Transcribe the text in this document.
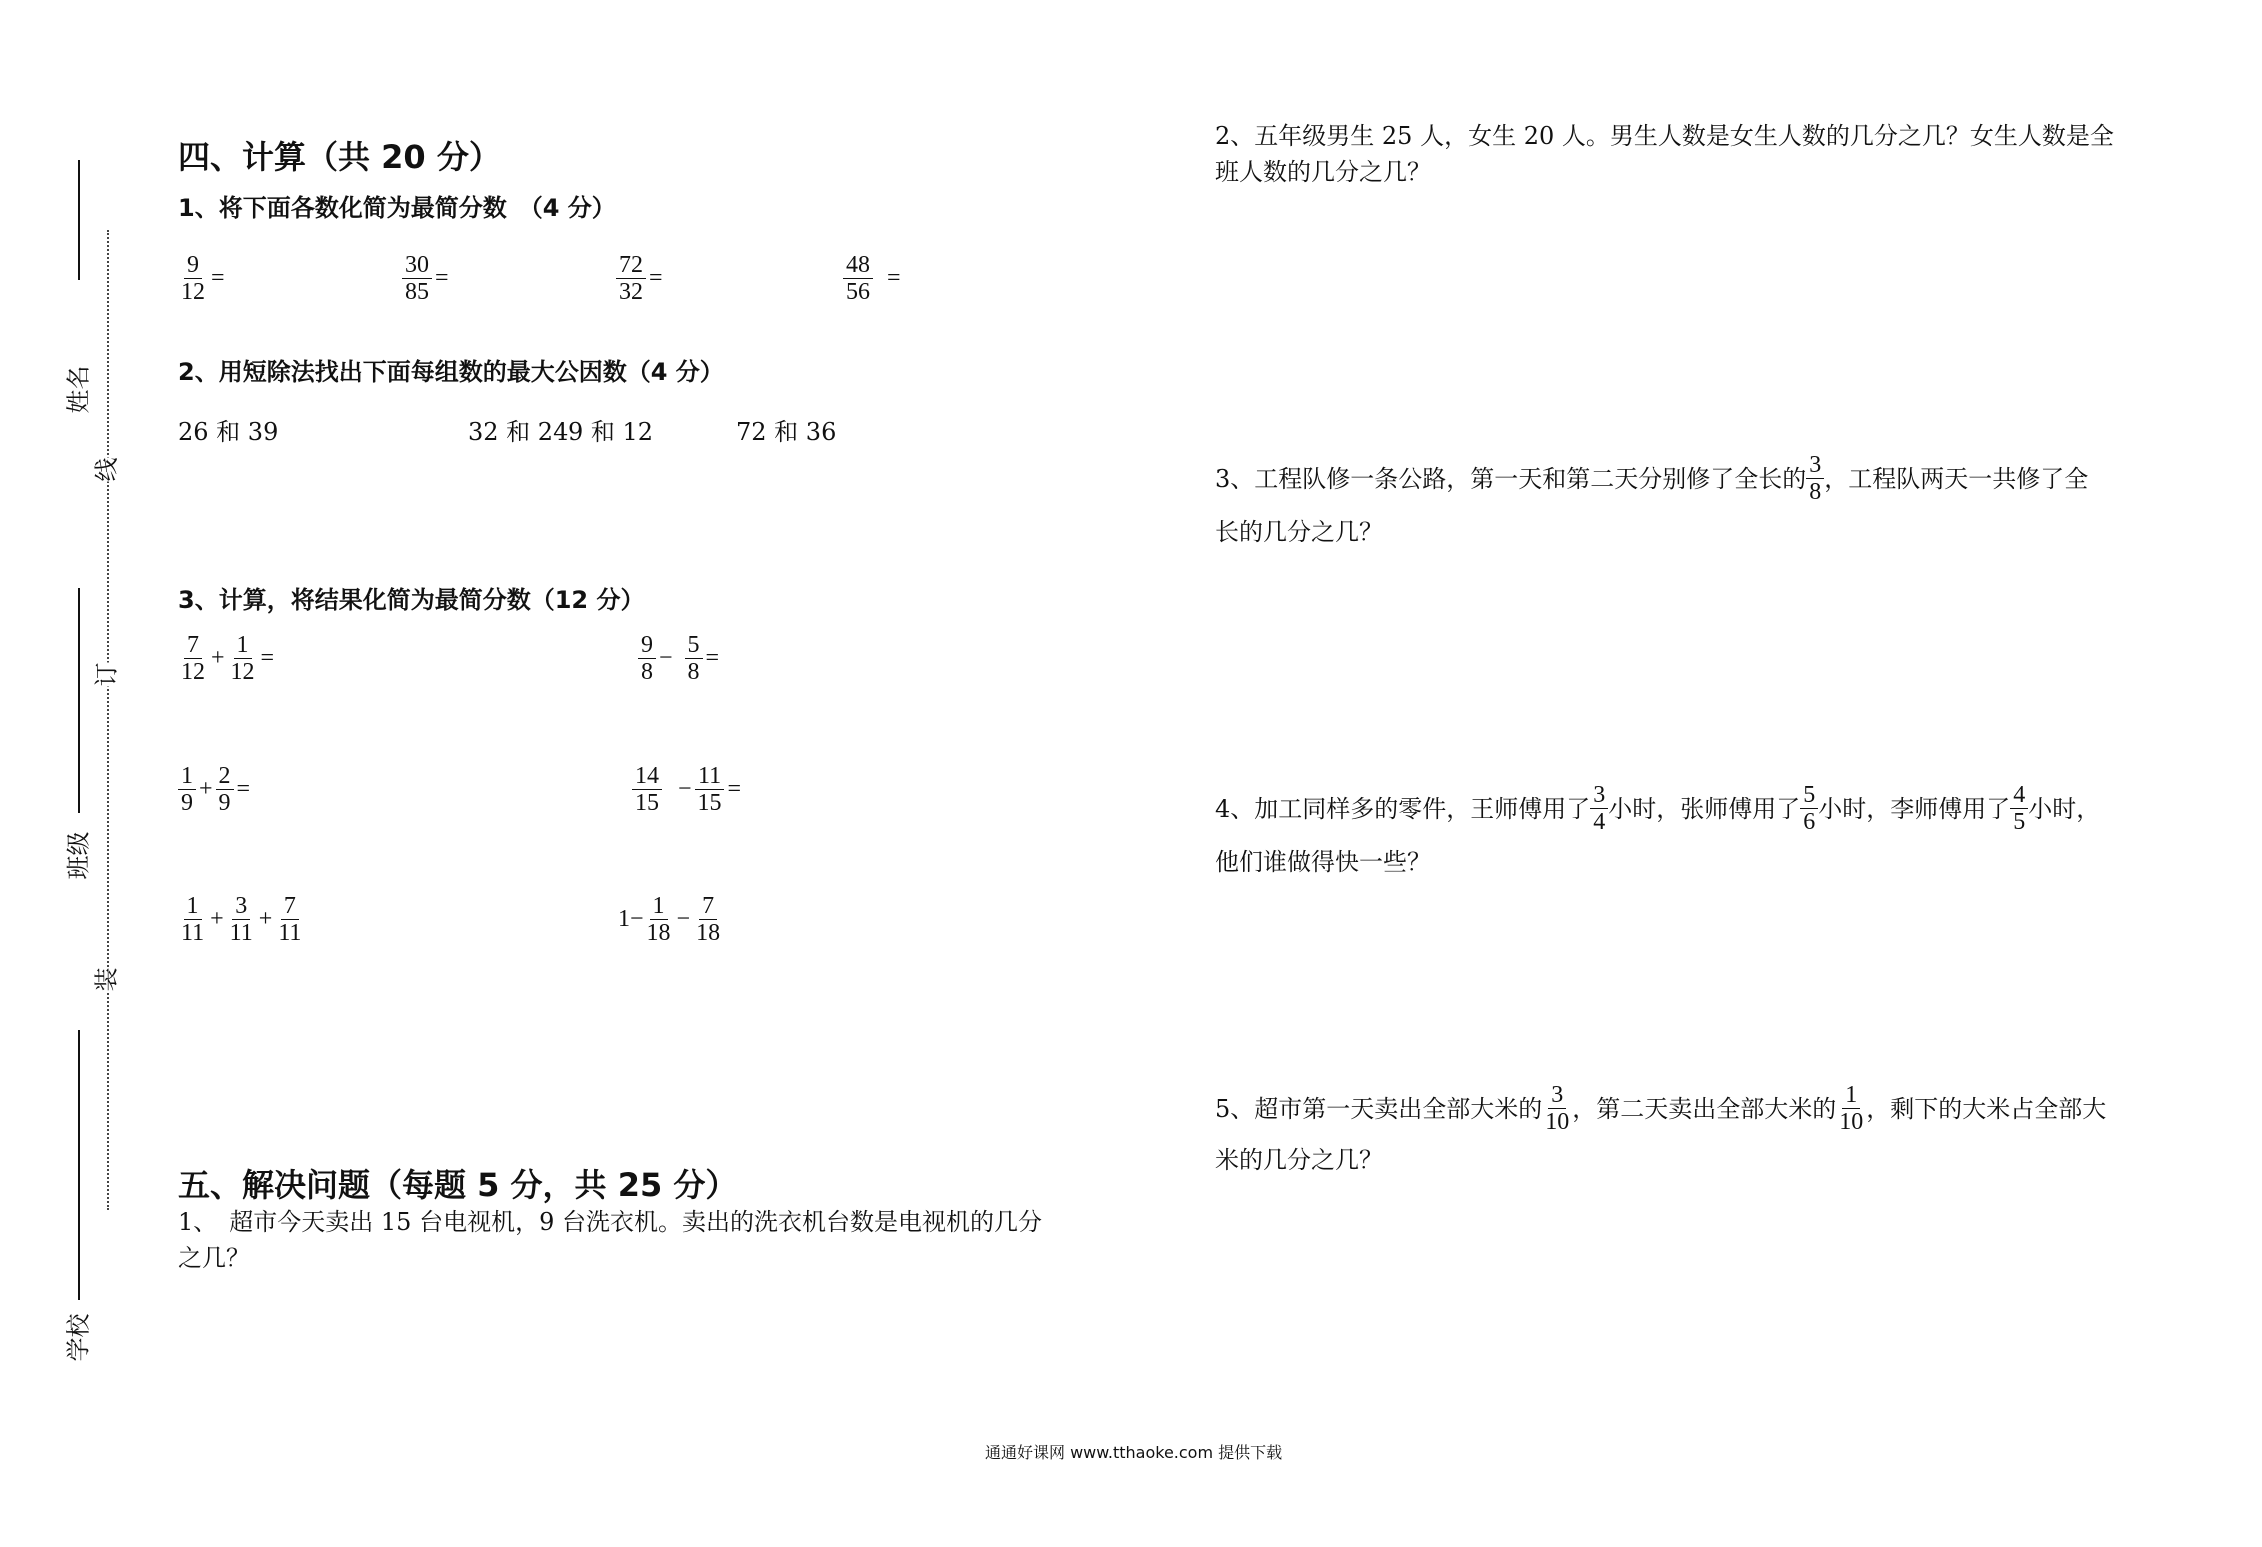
姓名
班级
学校
线
订
装
四、计算（共 20 分）
1、将下面各数化简为最简分数　（4 分）
$\frac{9}{12}$ =	$\frac{30}{85}$ =	$\frac{72}{32}$ =	$\frac{48}{56}$ =
2、用短除法找出下面每组数的最大公因数（4 分）
26 和 39	32 和 24 9 和 12	72 和 36
3、计算，将结果化简为最简分数（12 分）
$\frac{7}{12} + \frac{1}{12}$ =	$\frac{9}{8} - \frac{5}{8}$ =
$\frac{1}{9} + \frac{2}{9}$ =	$\frac{14}{15} - \frac{11}{15}$ =
$\frac{1}{11} + \frac{3}{11} + \frac{7}{11}$	$1- \frac{1}{18} - \frac{7}{18}$
五、解决问题（每题 5 分，共 25 分）
1、　超市今天卖出 15 台电视机，9 台洗衣机。卖出的洗衣机台数是电视机的几分
之几？
2、五年级男生 25 人，女生 20 人。男生人数是女生人数的几分之几？女生人数是全
班人数的几分之几？
3、工程队修一条公路，第一天和第二天分别修了全长的 $\frac{3}{8}$ ，工程队两天一共修了全
长的几分之几？
4、加工同样多的零件，王师傅用了 $\frac{3}{4}$ 小时，张师傅用了 $\frac{5}{6}$ 小时，李师傅用了 $\frac{4}{5}$ 小时，
他们谁做得快一些？
5、超市第一天卖出全部大米的 $\frac{3}{10}$ ，第二天卖出全部大米的 $\frac{1}{10}$ ，剩下的大米占全部大
米的几分之几？
通通好课网 www.tthaoke.com 提供下载
